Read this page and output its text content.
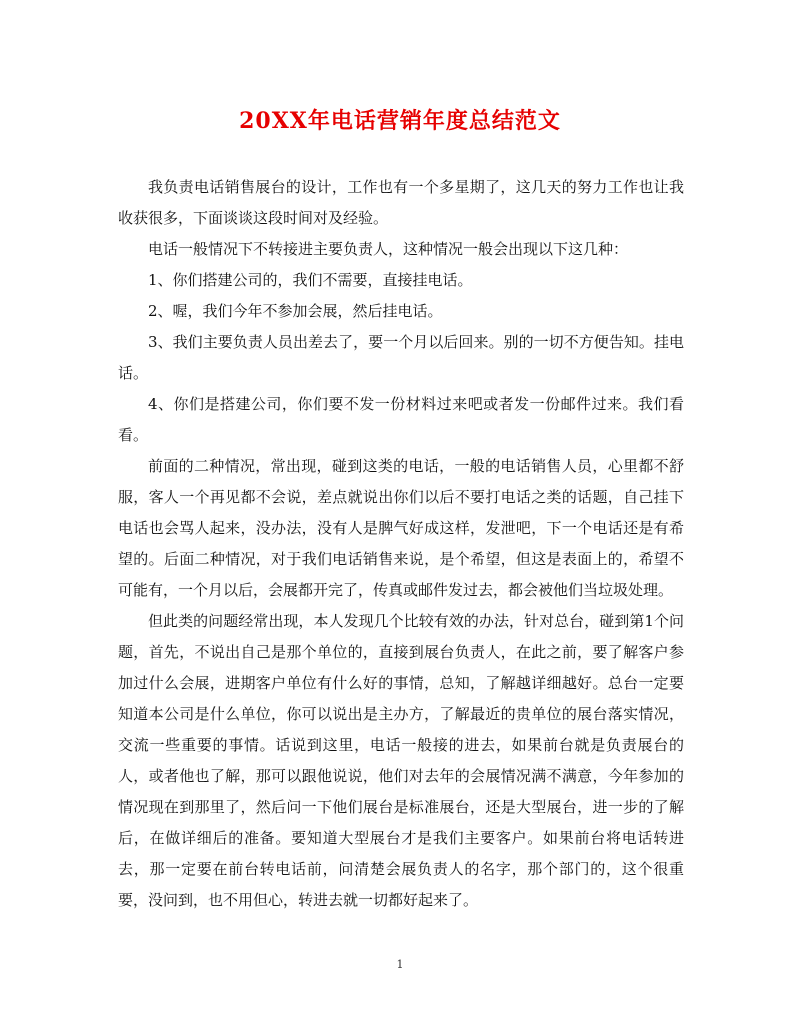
20XX年电话营销年度总结范文

我负责电话销售展台的设计，工作也有一个多星期了，这几天的努力工作也让我收获很多，下面谈谈这段时间对及经验。

电话一般情况下不转接进主要负责人，这种情况一般会出现以下这几种：

1、你们搭建公司的，我们不需要，直接挂电话。

2、喔，我们今年不参加会展，然后挂电话。

3、我们主要负责人员出差去了，要一个月以后回来。别的一切不方便告知。挂电话。

4、你们是搭建公司，你们要不发一份材料过来吧或者发一份邮件过来。我们看看。

前面的二种情况，常出现，碰到这类的电话，一般的电话销售人员，心里都不舒服，客人一个再见都不会说，差点就说出你们以后不要打电话之类的话题，自己挂下电话也会骂人起来，没办法，没有人是脾气好成这样，发泄吧，下一个电话还是有希望的。后面二种情况，对于我们电话销售来说，是个希望，但这是表面上的，希望不可能有，一个月以后，会展都开完了，传真或邮件发过去，都会被他们当垃圾处理。

但此类的问题经常出现，本人发现几个比较有效的办法，针对总台，碰到第1个问题，首先，不说出自己是那个单位的，直接到展台负责人，在此之前，要了解客户参加过什么会展，进期客户单位有什么好的事情，总知，了解越详细越好。总台一定要知道本公司是什么单位，你可以说出是主办方，了解最近的贵单位的展台落实情况，交流一些重要的事情。话说到这里，电话一般接的进去，如果前台就是负责展台的人，或者他也了解，那可以跟他说说，他们对去年的会展情况满不满意，今年参加的情况现在到那里了，然后问一下他们展台是标准展台，还是大型展台，进一步的了解后，在做详细后的准备。要知道大型展台才是我们主要客户。如果前台将电话转进去，那一定要在前台转电话前，问清楚会展负责人的名字，那个部门的，这个很重要，没问到，也不用但心，转进去就一切都好起来了。

1
